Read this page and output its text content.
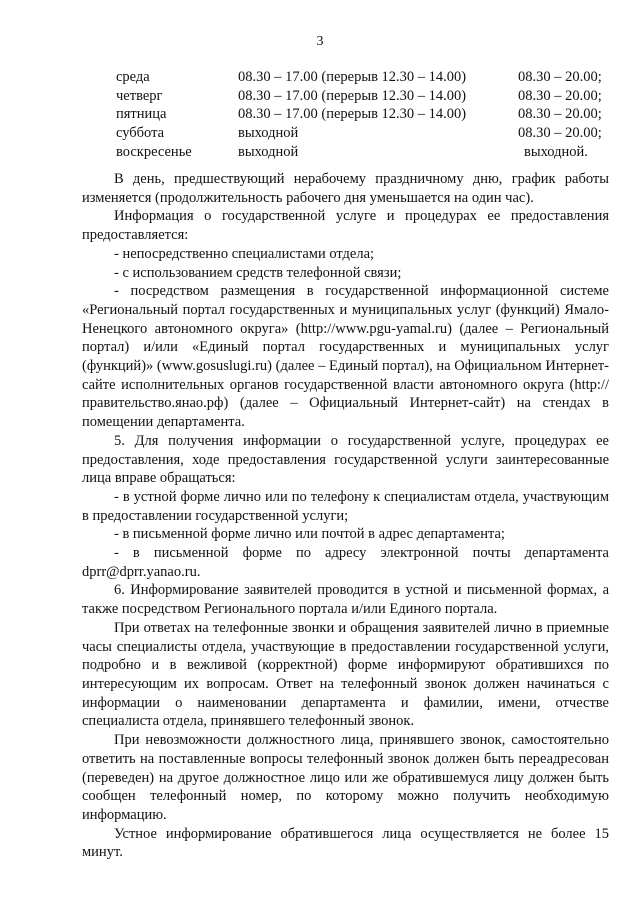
3
среда	08.30 – 17.00 (перерыв 12.30 – 14.00)	08.30 – 20.00;
четверг	08.30 – 17.00 (перерыв 12.30 – 14.00)	08.30 – 20.00;
пятница	08.30 – 17.00 (перерыв 12.30 – 14.00)	08.30 – 20.00;
суббота	выходной	08.30 – 20.00;
воскресенье	выходной	выходной.

В день, предшествующий нерабочему праздничному дню, график работы изменяется (продолжительность рабочего дня уменьшается на один час).

Информация о государственной услуге и процедурах ее предоставления предоставляется:

- непосредственно специалистами отдела;

- с использованием средств телефонной связи;

- посредством размещения в государственной информационной системе «Региональный портал государственных и муниципальных услуг (функций) Ямало-Ненецкого автономного округа» (http://www.pgu-yamal.ru) (далее – Региональный портал) и/или «Единый портал государственных и муниципальных услуг (функций)» (www.gosuslugi.ru) (далее – Единый портал), на Официальном Интернет-сайте исполнительных органов государственной власти автономного округа (http://правительство.янао.рф) (далее – Официальный Интернет-сайт) на стендах в помещении департамента.

5. Для получения информации о государственной услуге, процедурах ее предоставления, ходе предоставления государственной услуги заинтересованные лица вправе обращаться:

- в устной форме лично или по телефону к специалистам отдела, участвующим в предоставлении государственной услуги;

- в письменной форме лично или почтой в адрес департамента;

- в письменной форме по адресу электронной почты департамента dprr@dprr.yanao.ru.

6. Информирование заявителей проводится в устной и письменной формах, а также посредством Регионального портала и/или Единого портала.

При ответах на телефонные звонки и обращения заявителей лично в приемные часы специалисты отдела, участвующие в предоставлении государственной услуги, подробно и в вежливой (корректной) форме информируют обратившихся по интересующим их вопросам. Ответ на телефонный звонок должен начинаться с информации о наименовании департамента и фамилии, имени, отчестве специалиста отдела, принявшего телефонный звонок.

При невозможности должностного лица, принявшего звонок, самостоятельно ответить на поставленные вопросы телефонный звонок должен быть переадресован (переведен) на другое должностное лицо или же обратившемуся лицу должен быть сообщен телефонный номер, по которому можно получить необходимую информацию.

Устное информирование обратившегося лица осуществляется не более 15 минут.
